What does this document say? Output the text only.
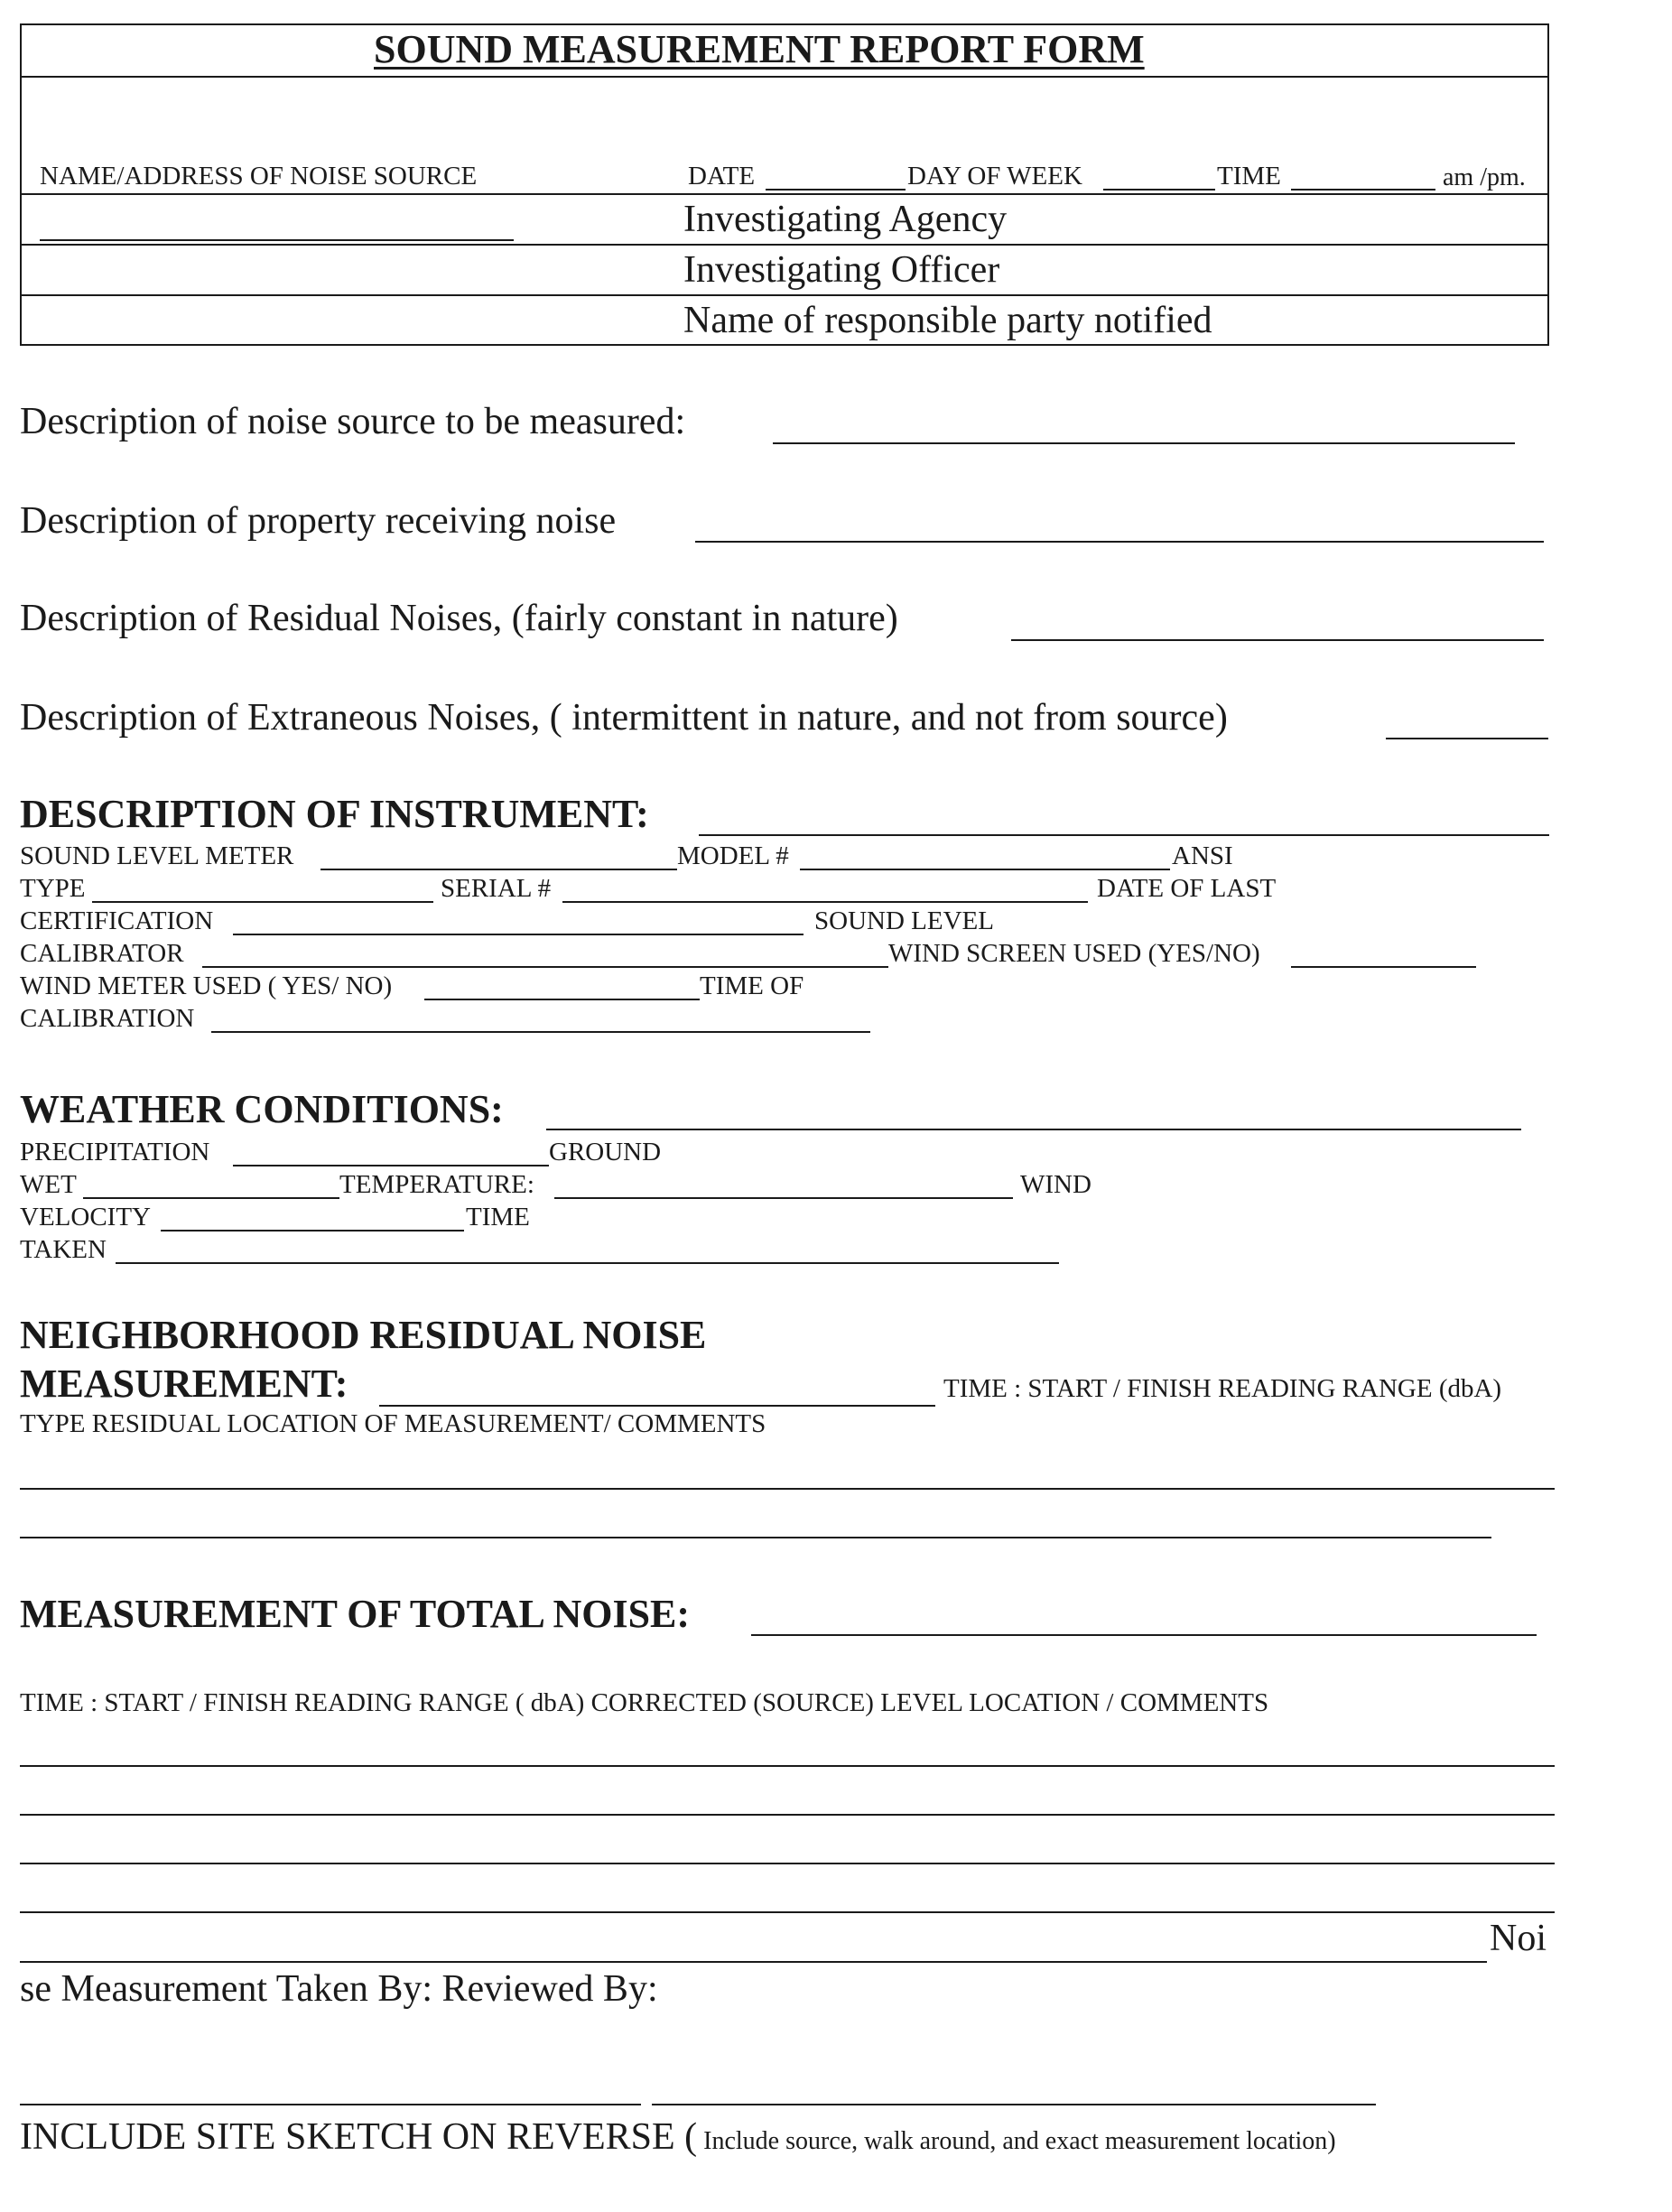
SOUND MEASUREMENT REPORT FORM
NAME/ADDRESS OF NOISE SOURCE	DATE	DAY OF WEEK	TIME	am /pm.
Investigating Agency
Investigating Officer
Name of responsible party notified
Description of noise source to be measured:
Description of property receiving noise
Description of Residual Noises, (fairly constant in nature)
Description of Extraneous Noises, ( intermittent in nature, and not from source)
DESCRIPTION OF INSTRUMENT:
SOUND LEVEL METER	MODEL #	ANSI
TYPE	SERIAL #	DATE OF LAST
CERTIFICATION	SOUND LEVEL
CALIBRATOR	WIND SCREEN USED (YES/NO)
WIND METER USED ( YES/ NO)	TIME OF
CALIBRATION
WEATHER CONDITIONS:
PRECIPITATION	GROUND
WET	TEMPERATURE:	WIND
VELOCITY	TIME
TAKEN
NEIGHBORHOOD RESIDUAL NOISE
MEASUREMENT:	TIME : START / FINISH READING RANGE (dbA)
TYPE RESIDUAL LOCATION OF MEASUREMENT/ COMMENTS
MEASUREMENT OF TOTAL NOISE:
TIME : START / FINISH READING RANGE ( dbA) CORRECTED (SOURCE) LEVEL LOCATION / COMMENTS
Noi
se Measurement Taken By: Reviewed By:
INCLUDE SITE SKETCH ON REVERSE ( Include source, walk around, and exact measurement location)
